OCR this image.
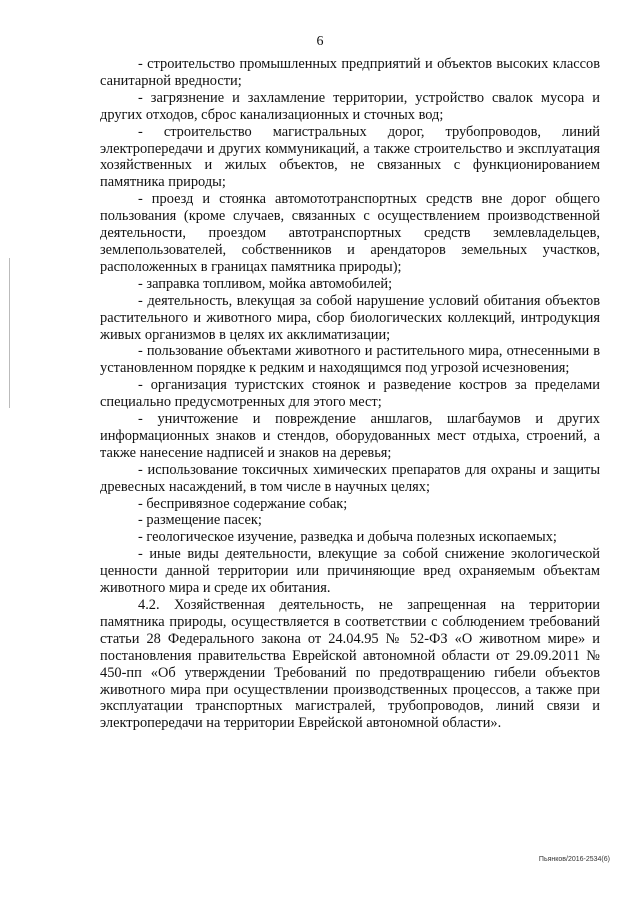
6

- строительство промышленных предприятий и объектов высоких классов санитарной вредности;

- загрязнение и захламление территории, устройство свалок мусора и других отходов, сброс канализационных и сточных вод;

- строительство магистральных дорог, трубопроводов, линий электропередачи и других коммуникаций, а также строительство и эксплуатация хозяйственных и жилых объектов, не связанных с функционированием памятника природы;

- проезд и стоянка автомототранспортных средств вне дорог общего пользования (кроме случаев, связанных с осуществлением производственной деятельности, проездом автотранспортных средств землевладельцев, землепользователей, собственников и арендаторов земельных участков, расположенных в границах памятника природы);

- заправка топливом, мойка автомобилей;

- деятельность, влекущая за собой нарушение условий обитания объектов растительного и животного мира, сбор биологических коллекций, интродукция живых организмов в целях их акклиматизации;

- пользование объектами животного и растительного мира, отнесенными в установленном порядке к редким и находящимся под угрозой исчезновения;

- организация туристских стоянок и разведение костров за пределами специально предусмотренных для этого мест;

- уничтожение и повреждение аншлагов, шлагбаумов и других информационных знаков и стендов, оборудованных мест отдыха, строений, а также нанесение надписей и знаков на деревья;

- использование токсичных химических препаратов для охраны и защиты древесных насаждений, в том числе в научных целях;

- беспривязное содержание собак;

- размещение пасек;

- геологическое изучение, разведка и добыча полезных ископаемых;

- иные виды деятельности, влекущие за собой снижение экологической ценности данной территории или причиняющие вред охраняемым объектам животного мира и среде их обитания.

4.2. Хозяйственная деятельность, не запрещенная на территории памятника природы, осуществляется в соответствии с соблюдением требований статьи 28 Федерального закона от 24.04.95 № 52-ФЗ «О животном мире» и постановления правительства Еврейской автономной области от 29.09.2011 № 450-пп «Об утверждении Требований по предотвращению гибели объектов животного мира при осуществлении производственных процессов, а также при эксплуатации транспортных магистралей, трубопроводов, линий связи и электропередачи на территории Еврейской автономной области».

Пьянков/2016-2534(6)
